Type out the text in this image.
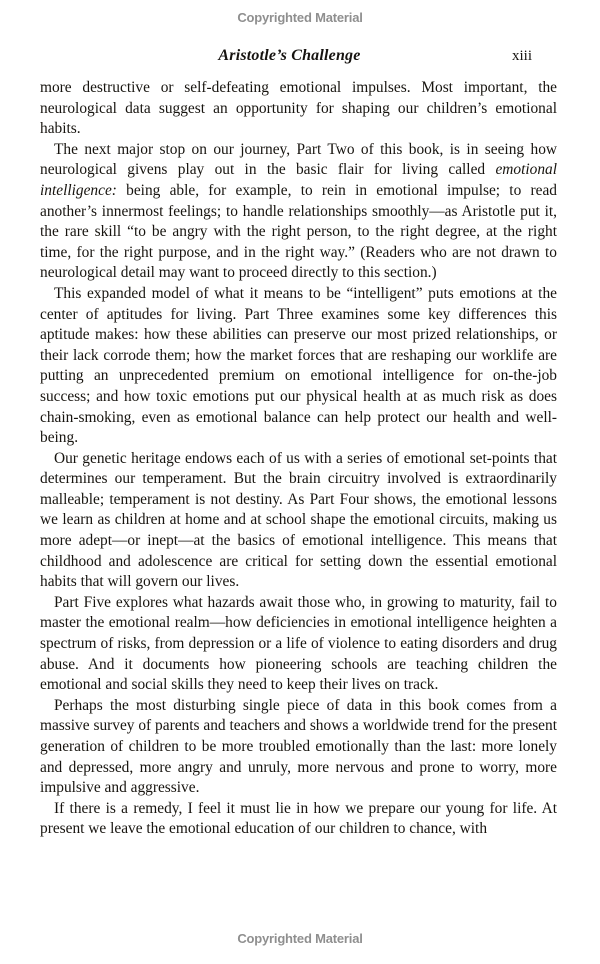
Copyrighted Material
Aristotle’s Challenge	xiii

more destructive or self-defeating emotional impulses. Most important, the neurological data suggest an opportunity for shaping our children’s emotional habits.

The next major stop on our journey, Part Two of this book, is in seeing how neurological givens play out in the basic flair for living called emotional intelligence: being able, for example, to rein in emotional impulse; to read another’s innermost feelings; to handle relationships smoothly—as Aristotle put it, the rare skill “to be angry with the right person, to the right degree, at the right time, for the right purpose, and in the right way.” (Readers who are not drawn to neurological detail may want to proceed directly to this section.)

This expanded model of what it means to be “intelligent” puts emotions at the center of aptitudes for living. Part Three examines some key differences this aptitude makes: how these abilities can preserve our most prized relationships, or their lack corrode them; how the market forces that are reshaping our worklife are putting an unprecedented premium on emotional intelligence for on-the-job success; and how toxic emotions put our physical health at as much risk as does chain-smoking, even as emotional balance can help protect our health and well-being.

Our genetic heritage endows each of us with a series of emotional set-points that determines our temperament. But the brain circuitry involved is extraordinarily malleable; temperament is not destiny. As Part Four shows, the emotional lessons we learn as children at home and at school shape the emotional circuits, making us more adept—or inept—at the basics of emotional intelligence. This means that childhood and adolescence are critical for setting down the essential emotional habits that will govern our lives.

Part Five explores what hazards await those who, in growing to maturity, fail to master the emotional realm—how deficiencies in emotional intelligence heighten a spectrum of risks, from depression or a life of violence to eating disorders and drug abuse. And it documents how pioneering schools are teaching children the emotional and social skills they need to keep their lives on track.

Perhaps the most disturbing single piece of data in this book comes from a massive survey of parents and teachers and shows a worldwide trend for the present generation of children to be more troubled emotionally than the last: more lonely and depressed, more angry and unruly, more nervous and prone to worry, more impulsive and aggressive.

If there is a remedy, I feel it must lie in how we prepare our young for life. At present we leave the emotional education of our children to chance, with

Copyrighted Material
